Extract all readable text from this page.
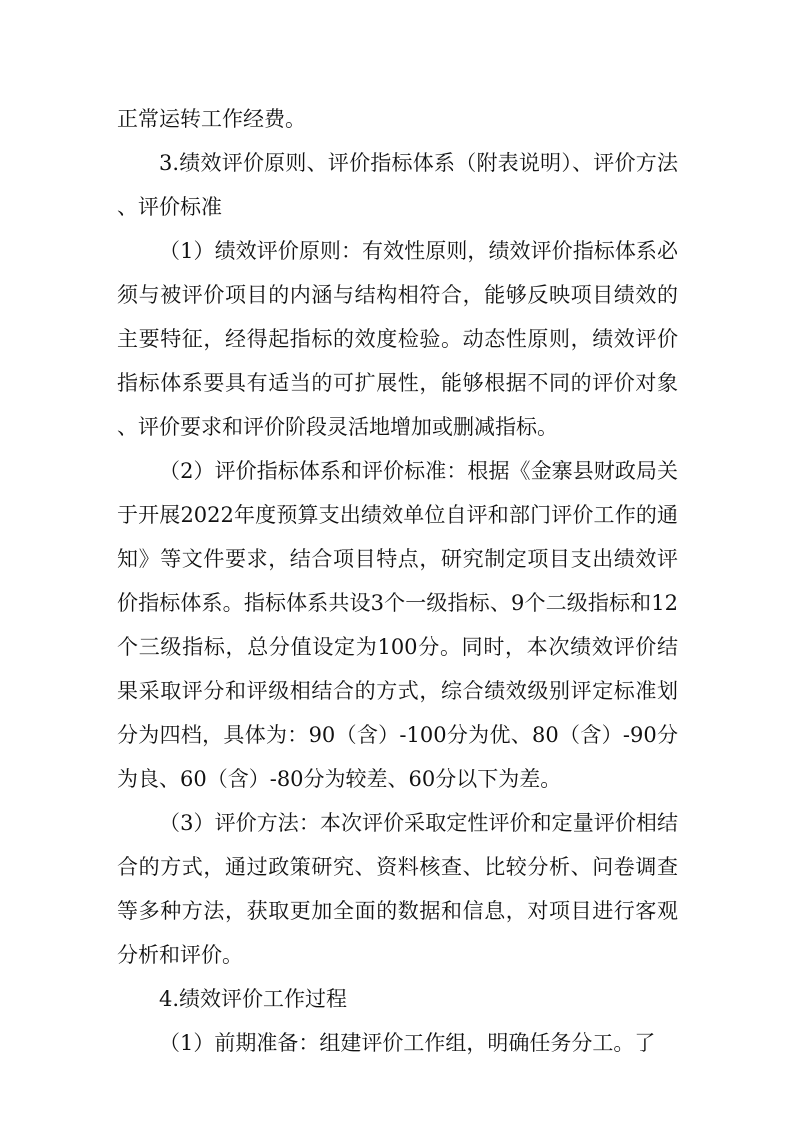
正常运转工作经费。

3.绩效评价原则、评价指标体系（附表说明）、评价方法、评价标准

（1）绩效评价原则：有效性原则，绩效评价指标体系必须与被评价项目的内涵与结构相符合，能够反映项目绩效的主要特征，经得起指标的效度检验。动态性原则，绩效评价指标体系要具有适当的可扩展性，能够根据不同的评价对象、评价要求和评价阶段灵活地增加或删减指标。

（2）评价指标体系和评价标准：根据《金寨县财政局关于开展2022年度预算支出绩效单位自评和部门评价工作的通知》等文件要求，结合项目特点，研究制定项目支出绩效评价指标体系。指标体系共设3个一级指标、9个二级指标和12个三级指标，总分值设定为100分。同时，本次绩效评价结果采取评分和评级相结合的方式，综合绩效级别评定标准划分为四档，具体为：90（含）-100分为优、80（含）-90分为良、60（含）-80分为较差、60分以下为差。

（3）评价方法：本次评价采取定性评价和定量评价相结合的方式，通过政策研究、资料核查、比较分析、问卷调查等多种方法，获取更加全面的数据和信息，对项目进行客观分析和评价。

4.绩效评价工作过程

（1）前期准备：组建评价工作组，明确任务分工。了
